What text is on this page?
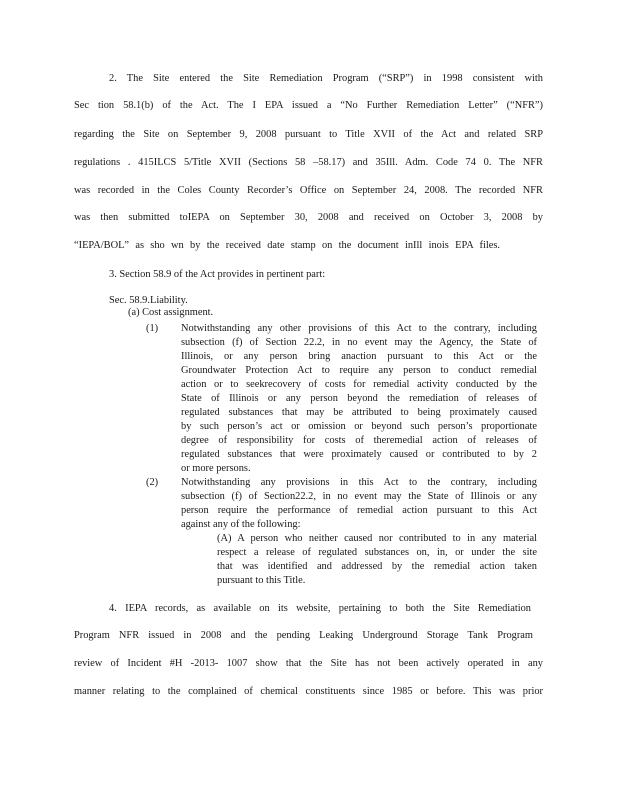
2. The Site entered the Site Remediation Program (“SRP”) in 1998 consistent with
Sec tion 58.1(b) of the Act. The I EPA issued a “No Further Remediation Letter” (“NFR”)
regarding the Site on September 9, 2008 pursuant to Title XVII of the Act and related SRP
regulations . 415ILCS 5/Title XVII (Sections 58 –58.17) and 35Ill. Adm. Code 74 0. The NFR
was recorded in the Coles County Recorder’s Office on September 24, 2008. The recorded NFR
was then submitted toIEPA on September 30, 2008 and received on October 3, 2008 by
“IEPA/BOL” as sho wn by the received date stamp on the document inIll inois EPA files.
3. Section 58.9 of the Act provides in pertinent part:
Sec. 58.9.Liability.
(a) Cost assignment.
(1) Notwithstanding any other provisions of this Act to the contrary, including
subsection (f) of Section 22.2, in no event may the Agency, the State of
Illinois, or any person bring anaction pursuant to this Act or the
Groundwater Protection Act to require any person to conduct remedial
action or to seekrecovery of costs for remedial activity conducted by the
State of Illinois or any person beyond the remediation of releases of
regulated substances that may be attributed to being proximately caused
by such person’s act or omission or beyond such person’s proportionate
degree of responsibility for costs of theremedial action of releases of
regulated substances that were proximately caused or contributed to by 2
or more persons.
(2) Notwithstanding any provisions in this Act to the contrary, including
subsection (f) of Section22.2, in no event may the State of Illinois or any
person require the performance of remedial action pursuant to this Act
against any of the following:
(A) A person who neither caused nor contributed to in any material
respect a release of regulated substances on, in, or under the site
that was identified and addressed by the remedial action taken
pursuant to this Title.
4. IEPA records, as available on its website, pertaining to both the Site Remediation
Program NFR issued in 2008 and the pending Leaking Underground Storage Tank Program
review of Incident #H -2013- 1007 show that the Site has not been actively operated in any
manner relating to the complained of chemical constituents since 1985 or before. This was prior
